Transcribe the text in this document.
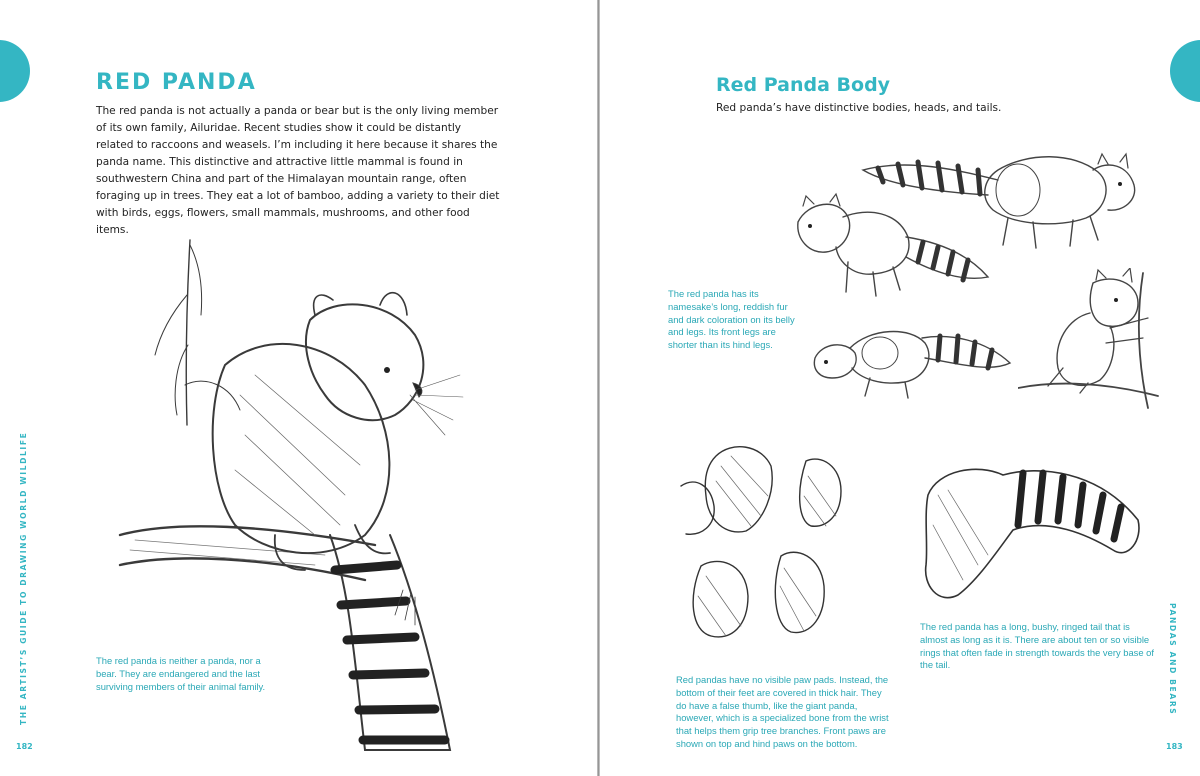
RED PANDA
The red panda is not actually a panda or bear but is the only living member of its own family, Ailuridae. Recent studies show it could be distantly related to raccoons and weasels. I’m including it here because it shares the panda name. This distinctive and attractive little mammal is found in southwestern China and part of the Himalayan mountain range, often foraging up in trees. They eat a lot of bamboo, adding a variety to their diet with birds, eggs, flowers, small mammals, mushrooms, and other food items.
The red panda is neither a panda, nor a bear. They are endangered and the last surviving members of their animal family.
THE ARTIST’S GUIDE TO DRAWING WORLD WILDLIFE
182
Red Panda Body
Red panda’s have distinctive bodies, heads, and tails.
The red panda has its namesake’s long, reddish fur and dark coloration on its belly and legs. Its front legs are shorter than its hind legs.
Red pandas have no visible paw pads. Instead, the bottom of their feet are covered in thick hair. They do have a false thumb, like the giant panda, however, which is a specialized bone from the wrist that helps them grip tree branches. Front paws are shown on top and hind paws on the bottom.
The red panda has a long, bushy, ringed tail that is almost as long as it is. There are about ten or so visible rings that often fade in strength towards the very base of the tail.	PANDAS AND BEARS
183
